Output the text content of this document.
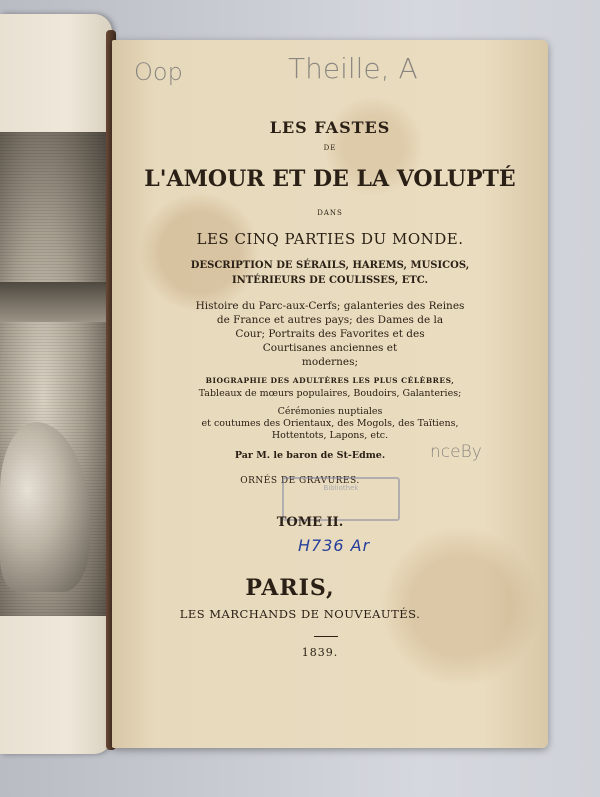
Oop	Theille, A
LES FASTES
DE
L'AMOUR ET DE LA VOLUPTÉ
DANS
LES CINQ PARTIES DU MONDE.
DESCRIPTION DE SÉRAILS, HAREMS, MUSICOS,
INTÉRIEURS DE COULISSES, ETC.
Histoire du Parc-aux-Cerfs; galanteries des Reines
de France et autres pays; des Dames de la
Cour; Portraits des Favorites et des
Courtisanes anciennes et
modernes;
BIOGRAPHIE DES ADULTÈRES LES PLUS CÉLÈBRES,
Tableaux de mœurs populaires, Boudoirs, Galanteries;
Cérémonies nuptiales
et coutumes des Orientaux, des Mogols, des Taïtiens,
Hottentots, Lapons, etc.
Par M. le baron de St-Edme.	nceBy
ORNÉS DE GRAVURES.
Bibliothek
TOME II.
H736 Ar
PARIS,
LES MARCHANDS DE NOUVEAUTÉS.
1839.
